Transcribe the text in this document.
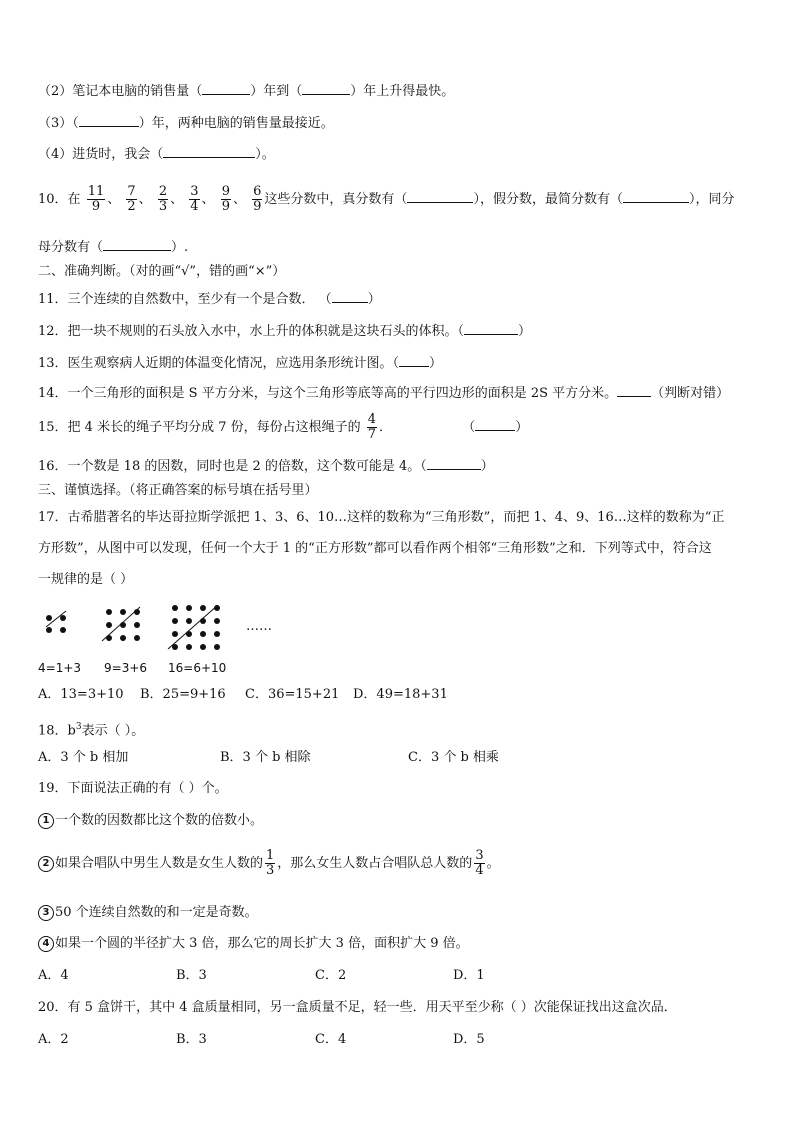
（2）笔记本电脑的销售量（	）年到（	）年上升得最快。
（3）（	）年，两种电脑的销售量最接近。
（4）进货时，我会（	）。
10．在 $\frac{11}{9}$ 、 $\frac{7}{2}$ 、 $\frac{2}{3}$ 、 $\frac{3}{4}$ 、 $\frac{9}{9}$ 、 $\frac{6}{9}$ 这些分数中，真分数有（	），假分数，最简分数有（	），同分
母分数有（	）.
二、准确判断。（对的画“√”，错的画“×”）
11．三个连续的自然数中，至少有一个是合数． （	）
12．把一块不规则的石头放入水中，水上升的体积就是这块石头的体积。（	）
13．医生观察病人近期的体温变化情况，应选用条形统计图。（ ）
14．一个三角形的面积是 S 平方分米，与这个三角形等底等高的平行四边形的面积是 2S 平方分米。	（判断对错）
15．把 4 米长的绳子平均分成 7 份，每份占这根绳子的 $\frac{4}{7}$ ．	（	）
16．一个数是 18 的因数，同时也是 2 的倍数，这个数可能是 4。（	）
三、谨慎选择。（将正确答案的标号填在括号里）
17．古希腊著名的毕达哥拉斯学派把 1、3、6、10…这样的数称为“三角形数”，而把 1、4、9、16…这样的数称为“正
方形数”，从图中可以发现，任何一个大于 1 的“正方形数”都可以看作两个相邻“三角形数”之和．下列等式中，符合这
一规律的是（ ）
……
4=1+3 9=3+6 16=6+10
A．13=3+10 B．25=9+16 C．36=15+21 D．49=18+31
18．$b^3$表示（ ）。
A．3 个 b 相加	B．3 个 b 相除	C．3 个 b 相乘
19．下面说法正确的有（ ）个。
1 一个数的因数都比这个数的倍数小。
2 如果合唱队中男生人数是女生人数的 $\frac{1}{3}$ ，那么女生人数占合唱队总人数的 $\frac{3}{4}$ 。
3 50 个连续自然数的和一定是奇数。
4 如果一个圆的半径扩大 3 倍，那么它的周长扩大 3 倍，面积扩大 9 倍。
A．4	B．3	C．2	D．1
20．有 5 盒饼干，其中 4 盒质量相同，另一盒质量不足，轻一些．用天平至少称（ ）次能保证找出这盒次品．
A．2	B．3	C．4	D．5
